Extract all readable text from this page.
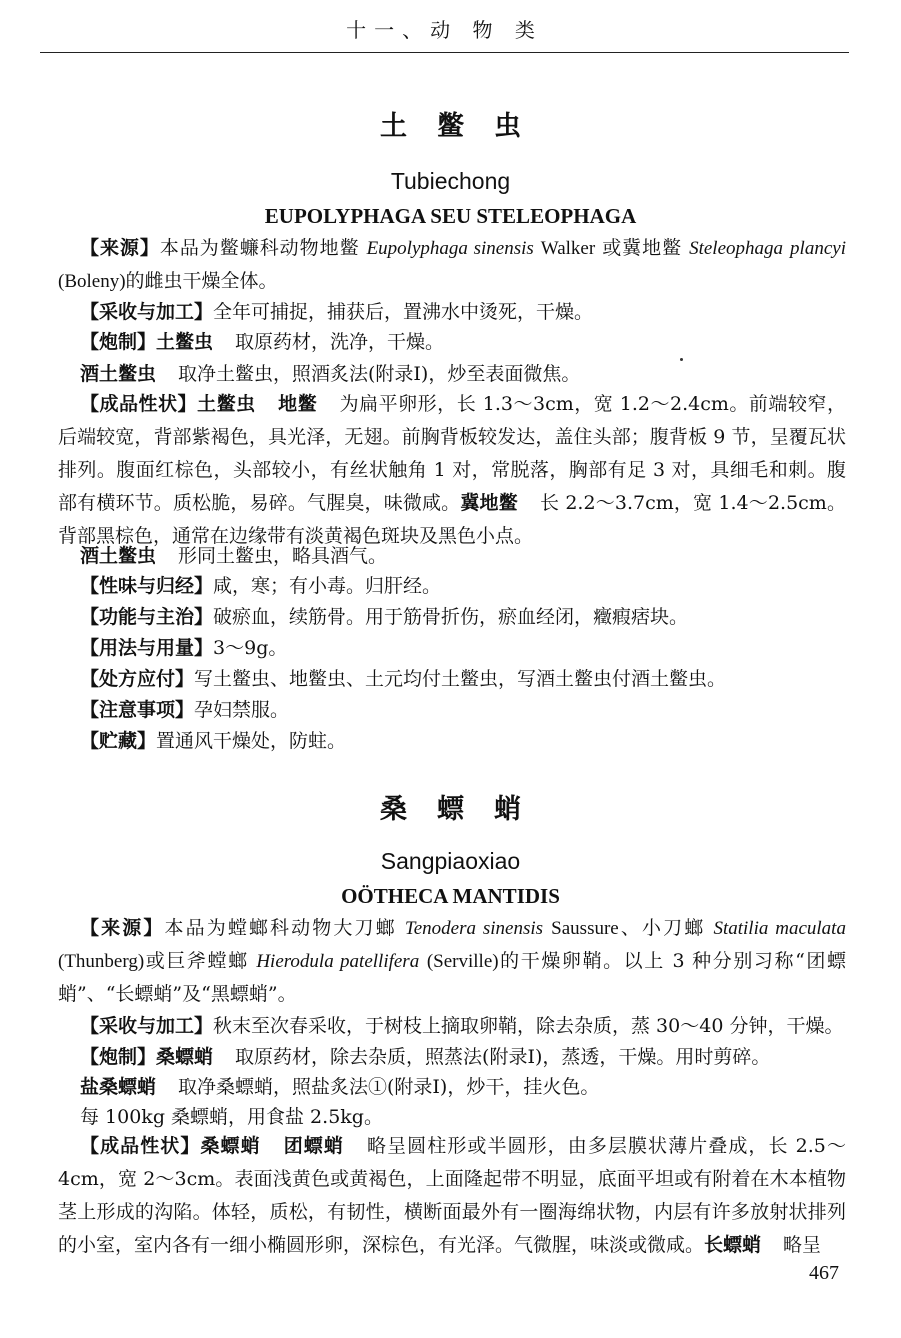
十一、动 物 类
土鳖虫
Tubiechong
EUPOLYPHAGA SEU STELEOPHAGA

【来源】本品为鳖蠊科动物地鳖 Eupolyphaga sinensis Walker 或冀地鳖 Steleophaga plancyi (Boleny)的雌虫干燥全体。

【采收与加工】全年可捕捉，捕获后，置沸水中烫死，干燥。

【炮制】土鳖虫 取原药材，洗净，干燥。

酒土鳖虫 取净土鳖虫，照酒炙法(附录Ⅰ)，炒至表面微焦。

【成品性状】土鳖虫 地鳖 为扁平卵形，长 1.3～3cm，宽 1.2～2.4cm。前端较窄，后端较宽，背部紫褐色，具光泽，无翅。前胸背板较发达，盖住头部；腹背板 9 节，呈覆瓦状排列。腹面红棕色，头部较小，有丝状触角 1 对，常脱落，胸部有足 3 对，具细毛和刺。腹部有横环节。质松脆，易碎。气腥臭，味微咸。冀地鳖 长 2.2～3.7cm，宽 1.4～2.5cm。背部黑棕色，通常在边缘带有淡黄褐色斑块及黑色小点。

酒土鳖虫 形同土鳖虫，略具酒气。

【性味与归经】咸，寒；有小毒。归肝经。

【功能与主治】破瘀血，续筋骨。用于筋骨折伤，瘀血经闭，癥瘕痞块。

【用法与用量】3～9g。

【处方应付】写土鳖虫、地鳖虫、土元均付土鳖虫，写酒土鳖虫付酒土鳖虫。

【注意事项】孕妇禁服。

【贮藏】置通风干燥处，防蛀。

桑螵蛸
Sangpiaoxiao
OÖTHECA MANTIDIS

【来源】本品为螳螂科动物大刀螂 Tenodera sinensis Saussure、小刀螂 Statilia maculata (Thunberg)或巨斧螳螂 Hierodula patellifera (Serville)的干燥卵鞘。以上 3 种分别习称“团螵蛸”、“长螵蛸”及“黑螵蛸”。

【采收与加工】秋末至次春采收，于树枝上摘取卵鞘，除去杂质，蒸 30～40 分钟，干燥。

【炮制】桑螵蛸 取原药材，除去杂质，照蒸法(附录Ⅰ)，蒸透，干燥。用时剪碎。

盐桑螵蛸 取净桑螵蛸，照盐炙法①(附录Ⅰ)，炒干，挂火色。

每 100kg 桑螵蛸，用食盐 2.5kg。

【成品性状】桑螵蛸 团螵蛸 略呈圆柱形或半圆形，由多层膜状薄片叠成，长 2.5～4cm，宽 2～3cm。表面浅黄色或黄褐色，上面隆起带不明显，底面平坦或有附着在木本植物茎上形成的沟陷。体轻，质松，有韧性，横断面最外有一圈海绵状物，内层有许多放射状排列的小室，室内各有一细小椭圆形卵，深棕色，有光泽。气微腥，味淡或微咸。长螵蛸 略呈

467
